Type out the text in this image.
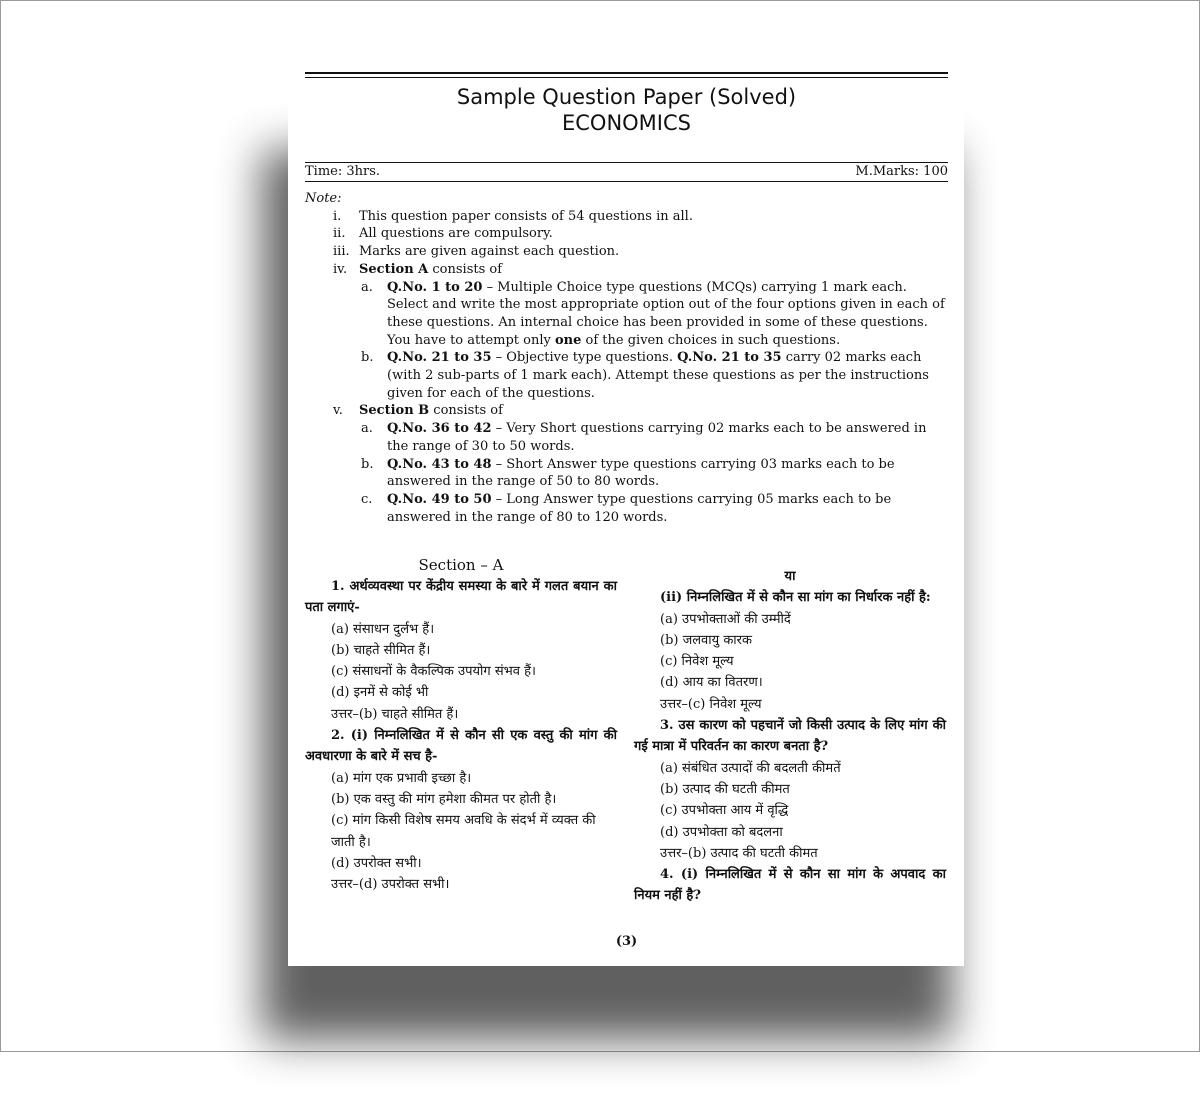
Sample Question Paper (Solved)
ECONOMICS
Time: 3hrs.	M.Marks: 100
Note:
i. This question paper consists of 54 questions in all.
ii. All questions are compulsory.
iii. Marks are given against each question.
iv. Section A consists of
a. Q.No. 1 to 20 – Multiple Choice type questions (MCQs) carrying 1 mark each. Select and write the most appropriate option out of the four options given in each of these questions. An internal choice has been provided in some of these questions. You have to attempt only one of the given choices in such questions.
b. Q.No. 21 to 35 – Objective type questions. Q.No. 21 to 35 carry 02 marks each (with 2 sub-parts of 1 mark each). Attempt these questions as per the instructions given for each of the questions.
v. Section B consists of
a. Q.No. 36 to 42 – Very Short questions carrying 02 marks each to be answered in the range of 30 to 50 words.
b. Q.No. 43 to 48 – Short Answer type questions carrying 03 marks each to be answered in the range of 50 to 80 words.
c. Q.No. 49 to 50 – Long Answer type questions carrying 05 marks each to be answered in the range of 80 to 120 words.
Section – A
1. अर्थव्यवस्था पर केंद्रीय समस्या के बारे में गलत बयान का पता लगाएं-
(a) संसाधन दुर्लभ हैं।
(b) चाहते सीमित हैं।
(c) संसाधनों के वैकल्पिक उपयोग संभव हैं।
(d) इनमें से कोई भी
उत्तर–(b) चाहते सीमित हैं।
2. (i) निम्नलिखित में से कौन सी एक वस्तु की मांग की अवधारणा के बारे में सच है-
(a) मांग एक प्रभावी इच्छा है।
(b) एक वस्तु की मांग हमेशा कीमत पर होती है।
(c) मांग किसी विशेष समय अवधि के संदर्भ में व्यक्त की जाती है।
(d) उपरोक्त सभी।
उत्तर–(d) उपरोक्त सभी।
या
(ii) निम्नलिखित में से कौन सा मांग का निर्धारक नहीं है:
(a) उपभोक्ताओं की उम्मीदें
(b) जलवायु कारक
(c) निवेश मूल्य
(d) आय का वितरण।
उत्तर–(c) निवेश मूल्य
3. उस कारण को पहचानें जो किसी उत्पाद के लिए मांग की गई मात्रा में परिवर्तन का कारण बनता है?
(a) संबंधित उत्पादों की बदलती कीमतें
(b) उत्पाद की घटती कीमत
(c) उपभोक्ता आय में वृद्धि
(d) उपभोक्ता को बदलना
उत्तर–(b) उत्पाद की घटती कीमत
4. (i) निम्नलिखित में से कौन सा मांग के अपवाद का नियम नहीं है?
(3)
